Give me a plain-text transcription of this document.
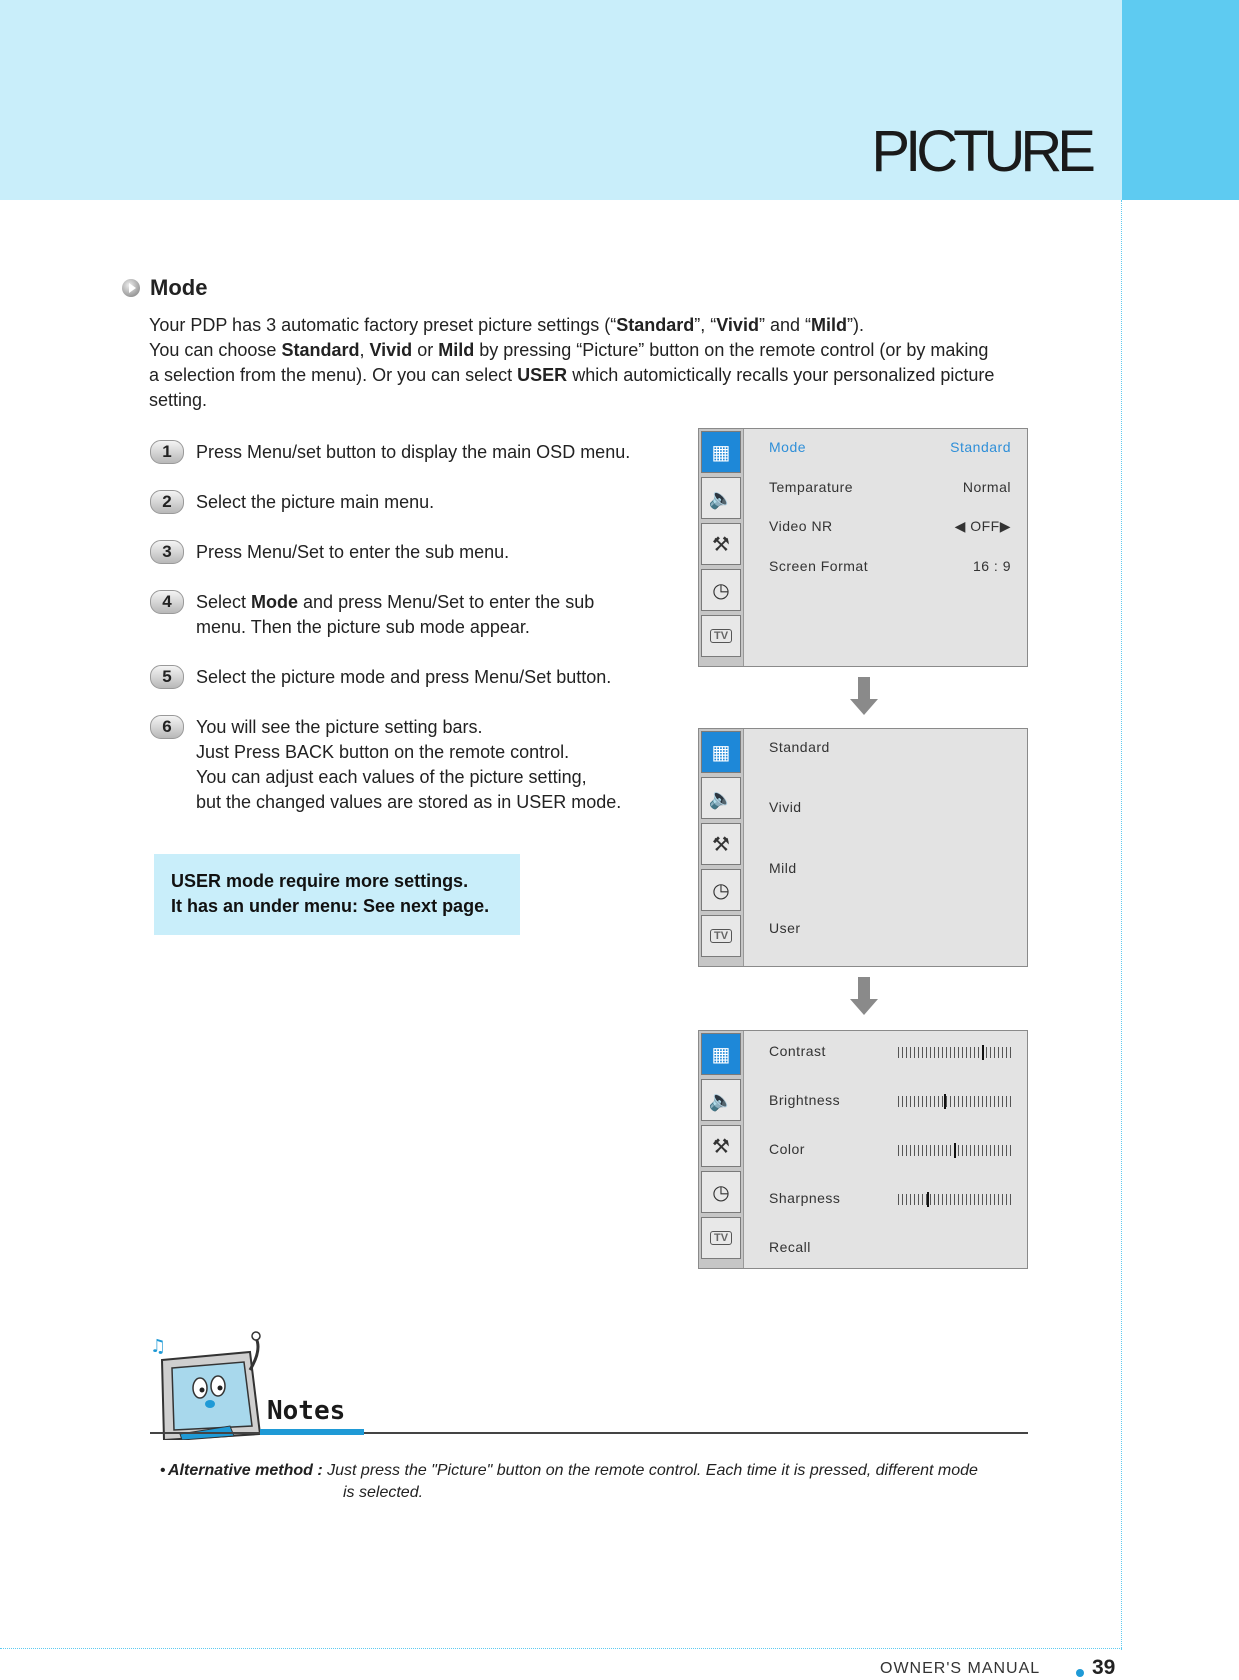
PICTURE
Mode

Your PDP has 3 automatic factory preset picture settings (“Standard”, “Vivid” and “Mild”).
You can choose Standard, Vivid or Mild by pressing “Picture” button on the remote control (or by making
a selection from the menu). Or you can select USER which automictically recalls your personalized picture
setting.

1	Press Menu/set button to display the main OSD menu.
2	Select the picture main menu.
3	Press Menu/Set to enter the sub menu.
4	Select Mode and press Menu/Set to enter the sub
menu. Then the picture sub mode appear.
5	Select the picture mode and press Menu/Set button.
6	You will see the picture setting bars.
Just Press BACK button on the remote control.
You can adjust each values of the picture setting,
but the changed values are stored as in USER mode.
USER mode require more settings.
It has an under menu: See next page.
▦
🔈
⚒
◷
TV
Mode	Standard
Temparature	Normal
Video NR	◀ OFF▶
Screen Format	16 : 9
▦
🔈
⚒
◷
TV
Standard
Vivid
Mild
User
▦
🔈
⚒
◷
TV
Contrast
Brightness
Color
Sharpness
Recall
♫
Notes
• Alternative method : Just press the "Picture" button on the remote control. Each time it is pressed, different mode
is selected.
OWNER'S MANUAL 39
